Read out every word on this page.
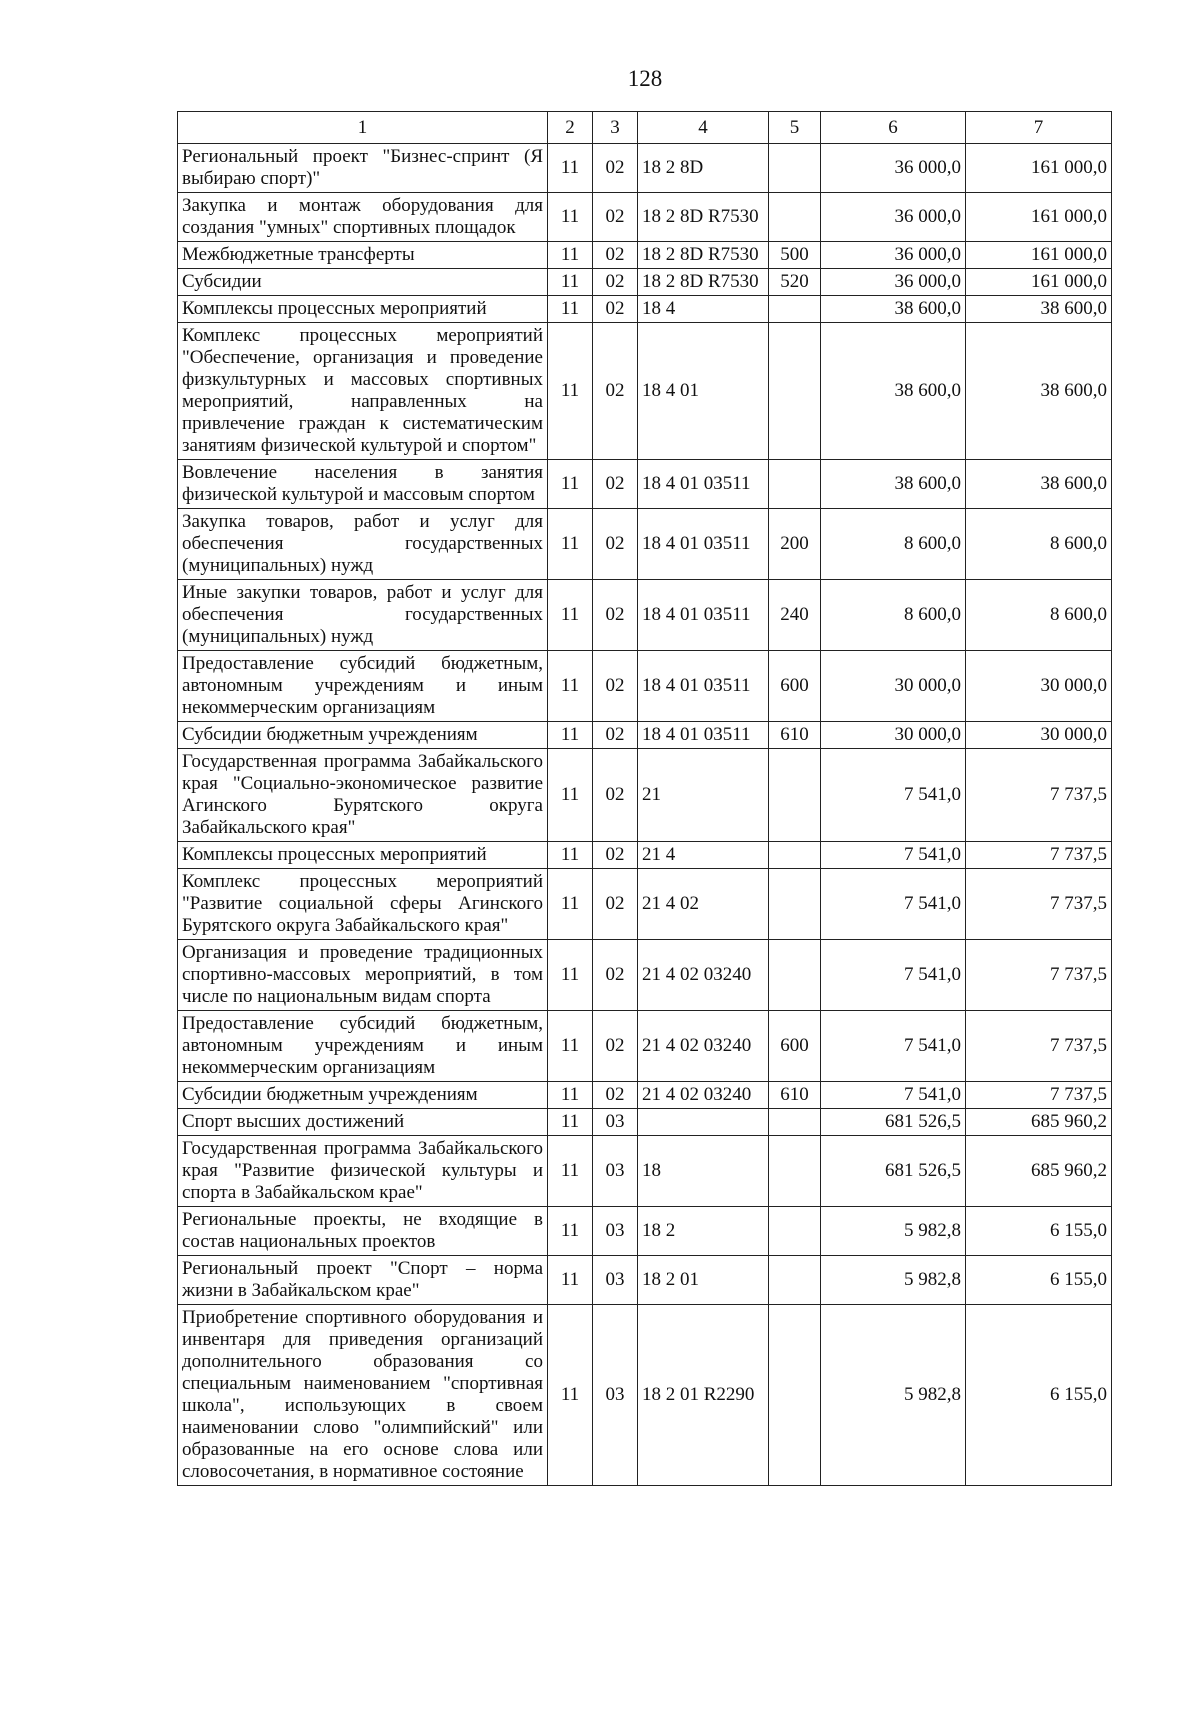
128
1	2	3	4	5	6	7
Региональный проект "Бизнес-спринт (Я выбираю спорт)"	11	02	18 2 8D		36 000,0	161 000,0
Закупка и монтаж оборудования для создания "умных" спортивных площадок	11	02	18 2 8D R7530		36 000,0	161 000,0
Межбюджетные трансферты	11	02	18 2 8D R7530	500	36 000,0	161 000,0
Субсидии	11	02	18 2 8D R7530	520	36 000,0	161 000,0
Комплексы процессных мероприятий	11	02	18 4		38 600,0	38 600,0
Комплекс процессных мероприятий "Обеспечение, организация и проведение физкультурных и массовых спортивных мероприятий, направленных на привлечение граждан к систематическим занятиям физической культурой и спортом"	11	02	18 4 01		38 600,0	38 600,0
Вовлечение населения в занятия физической культурой и массовым спортом	11	02	18 4 01 03511		38 600,0	38 600,0
Закупка товаров, работ и услуг для обеспечения государственных (муниципальных) нужд	11	02	18 4 01 03511	200	8 600,0	8 600,0
Иные закупки товаров, работ и услуг для обеспечения государственных (муниципальных) нужд	11	02	18 4 01 03511	240	8 600,0	8 600,0
Предоставление субсидий бюджетным, автономным учреждениям и иным некоммерческим организациям	11	02	18 4 01 03511	600	30 000,0	30 000,0
Субсидии бюджетным учреждениям	11	02	18 4 01 03511	610	30 000,0	30 000,0
Государственная программа Забайкальского края "Социально-экономическое развитие Агинского Бурятского округа Забайкальского края"	11	02	21		7 541,0	7 737,5
Комплексы процессных мероприятий	11	02	21 4		7 541,0	7 737,5
Комплекс процессных мероприятий "Развитие социальной сферы Агинского Бурятского округа Забайкальского края"	11	02	21 4 02		7 541,0	7 737,5
Организация и проведение традиционных спортивно-массовых мероприятий, в том числе по национальным видам спорта	11	02	21 4 02 03240		7 541,0	7 737,5
Предоставление субсидий бюджетным, автономным учреждениям и иным некоммерческим организациям	11	02	21 4 02 03240	600	7 541,0	7 737,5
Субсидии бюджетным учреждениям	11	02	21 4 02 03240	610	7 541,0	7 737,5
Спорт высших достижений	11	03			681 526,5	685 960,2
Государственная программа Забайкальского края "Развитие физической культуры и спорта в Забайкальском крае"	11	03	18		681 526,5	685 960,2
Региональные проекты, не входящие в состав национальных проектов	11	03	18 2		5 982,8	6 155,0
Региональный проект "Спорт – норма жизни в Забайкальском крае"	11	03	18 2 01		5 982,8	6 155,0
Приобретение спортивного оборудования и инвентаря для приведения организаций дополнительного образования со специальным наименованием "спортивная школа", использующих в своем наименовании слово "олимпийский" или образованные на его основе слова или словосочетания, в нормативное состояние	11	03	18 2 01 R2290		5 982,8	6 155,0
